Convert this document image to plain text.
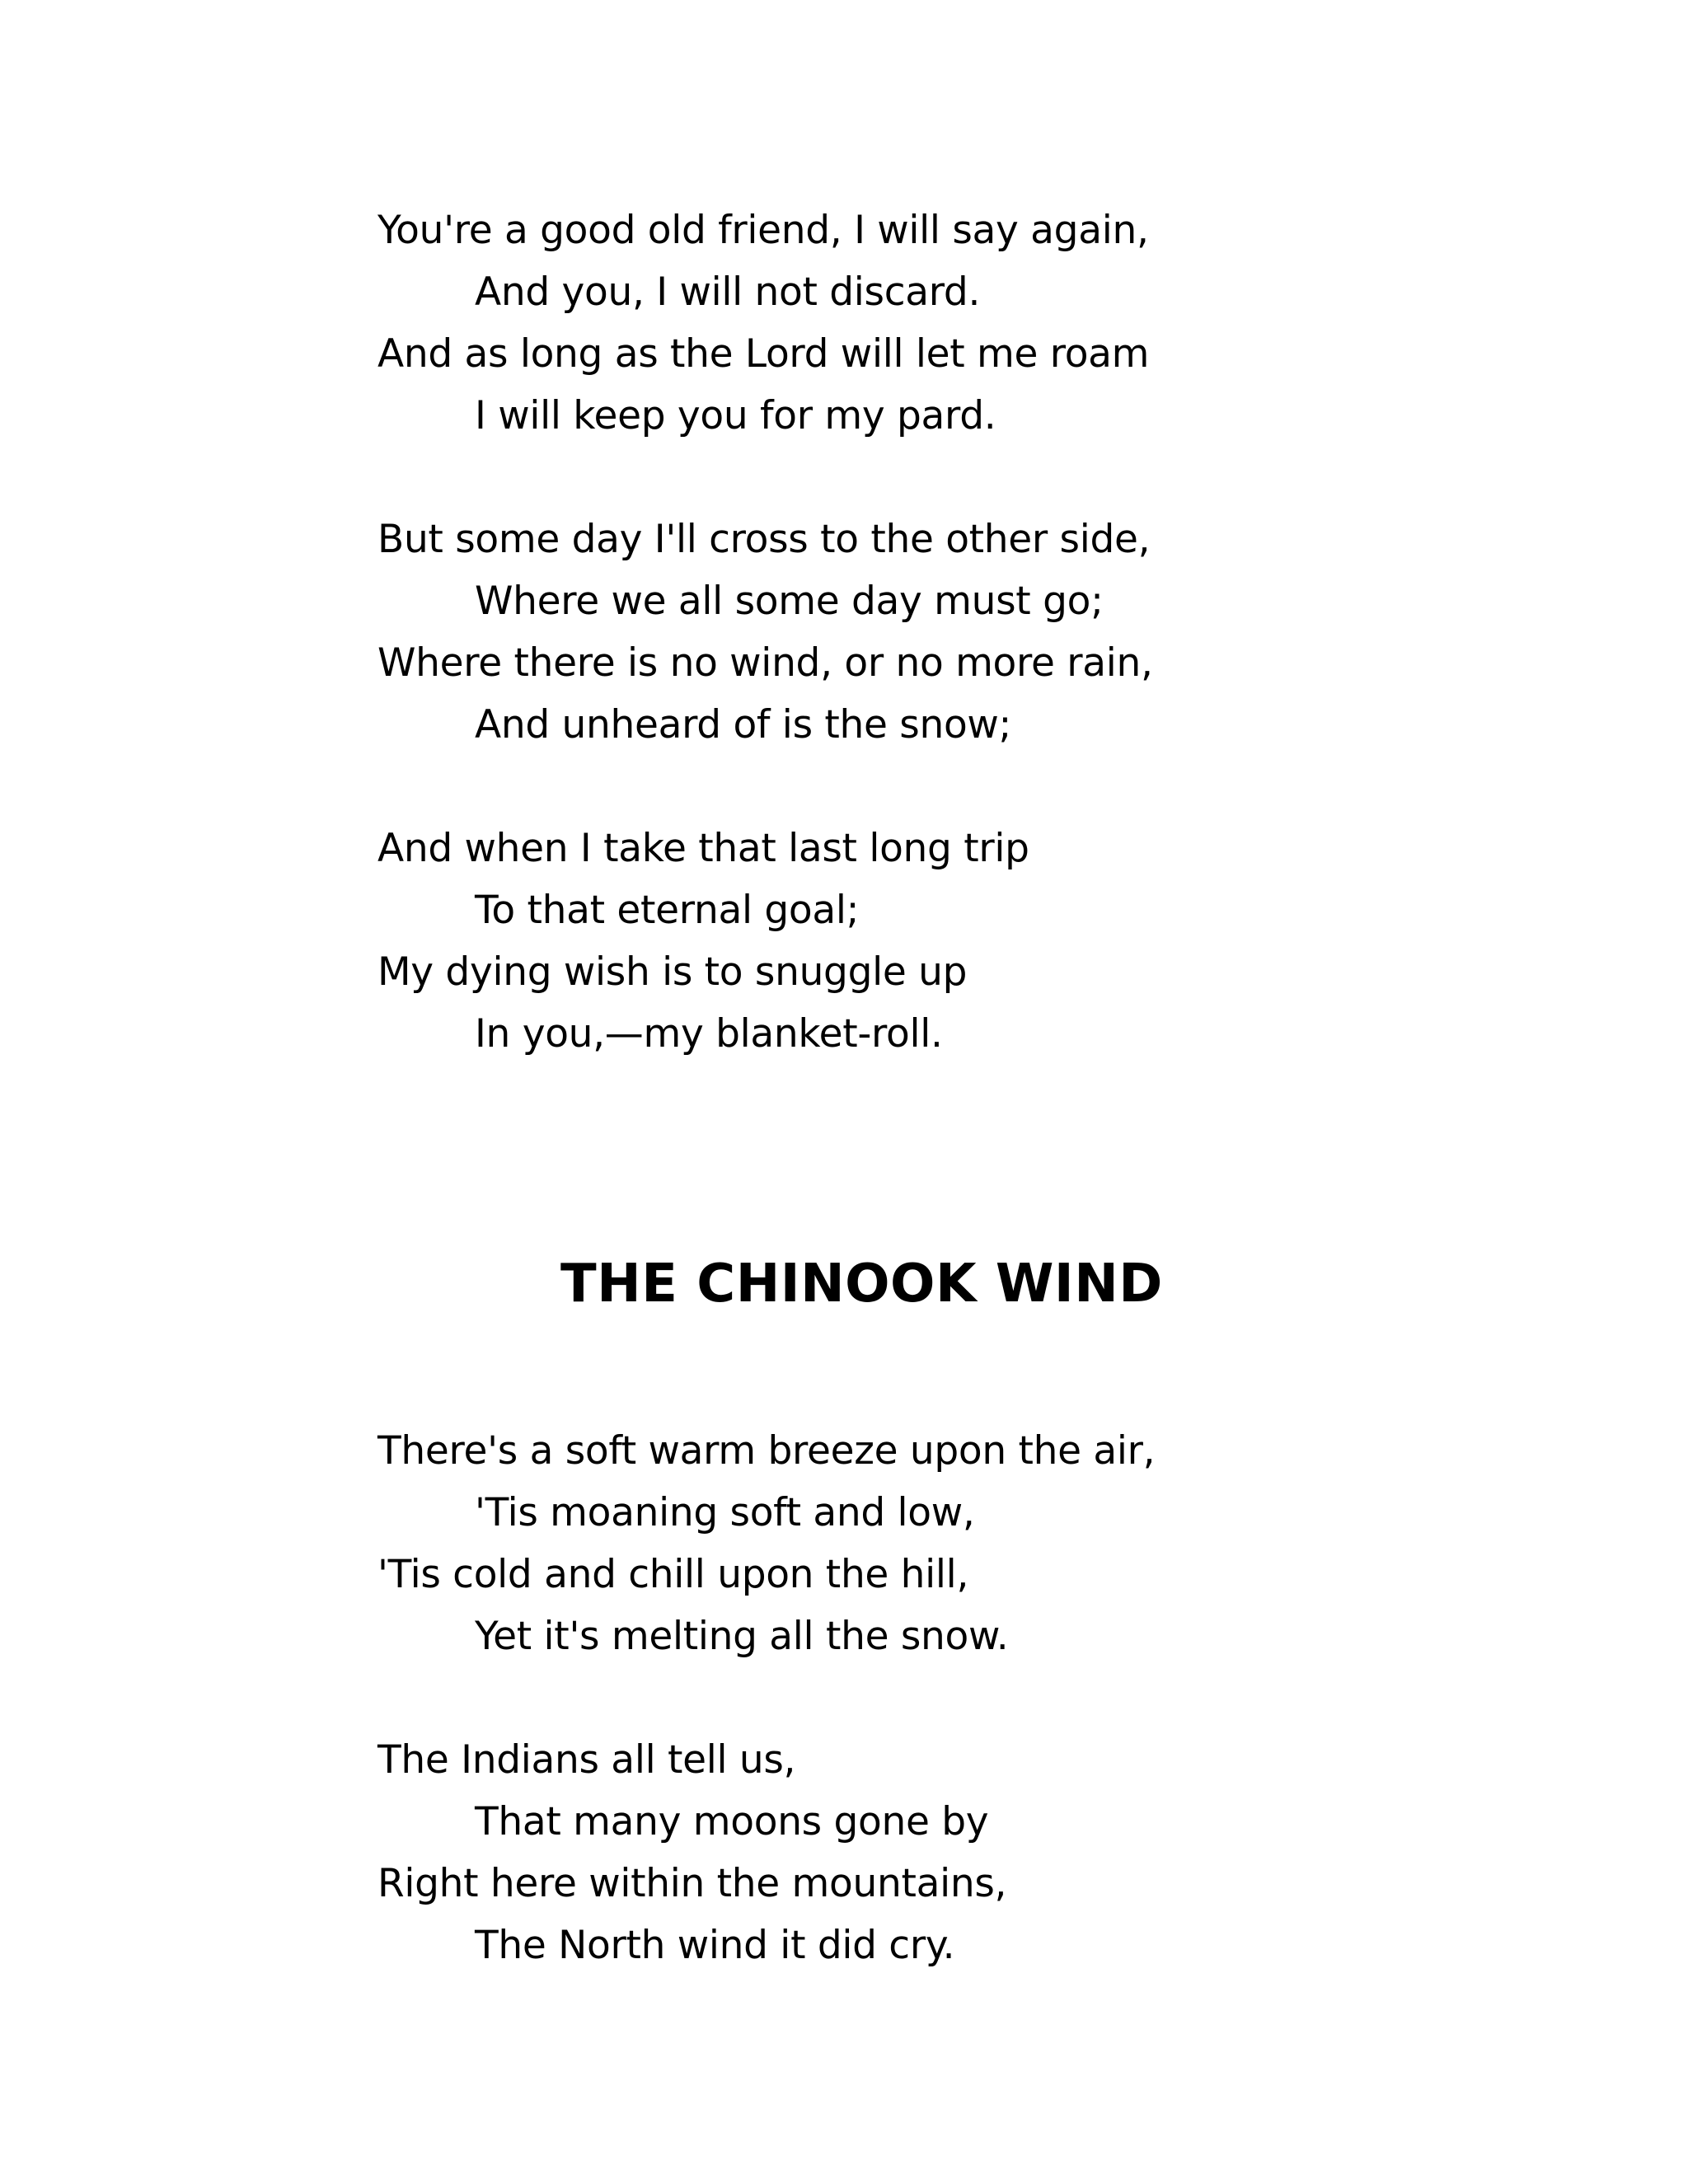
You're a good old friend, I will say again,
And you, I will not discard.
And as long as the Lord will let me roam
I will keep you for my pard.
But some day I'll cross to the other side,
Where we all some day must go;
Where there is no wind, or no more rain,
And unheard of is the snow;
And when I take that last long trip
To that eternal goal;
My dying wish is to snuggle up
In you,—my blanket-roll.
THE CHINOOK WIND
There's a soft warm breeze upon the air,
'Tis moaning soft and low,
'Tis cold and chill upon the hill,
Yet it's melting all the snow.
The Indians all tell us,
That many moons gone by
Right here within the mountains,
The North wind it did cry.
